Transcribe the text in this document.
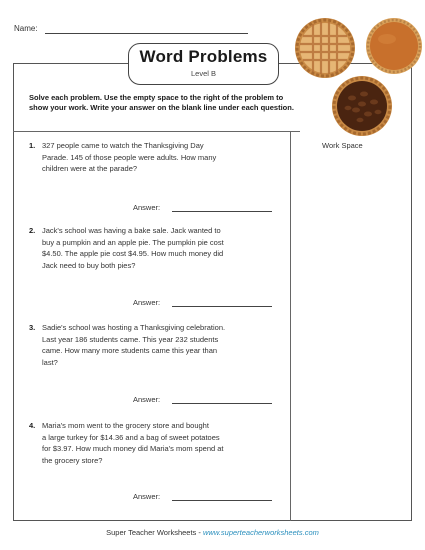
Name:
Word Problems
Level B
Solve each problem. Use the empty space to the right of the problem to show your work. Write your answer on the blank line under each question.
Work Space
1. 327 people came to watch the Thanksgiving Day
Parade. 145 of those people were adults. How many
children were at the parade?
Answer:
2. Jack's school was having a bake sale. Jack wanted to
buy a pumpkin and an apple pie. The pumpkin pie cost
$4.50. The apple pie cost $4.95. How much money did
Jack need to buy both pies?
Answer:
3. Sadie's school was hosting a Thanksgiving celebration.
Last year 186 students came. This year 232 students
came. How many more students came this year than
last?
Answer:
4. Maria's mom went to the grocery store and bought
a large turkey for $14.36 and a bag of sweet potatoes
for $3.97. How much money did Maria's mom spend at
the grocery store?
Answer:
Super Teacher Worksheets - www.superteacherworksheets.com
